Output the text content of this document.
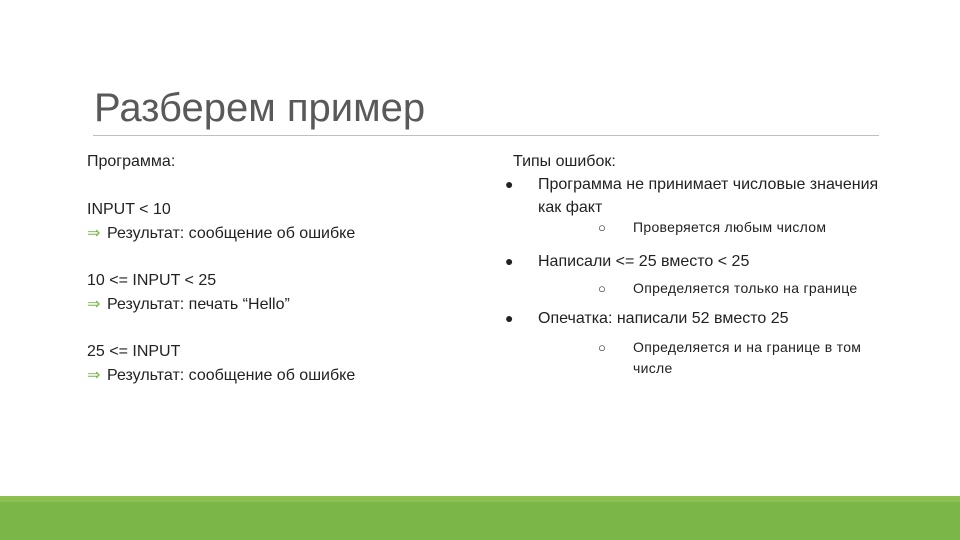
Разберем пример
Программа:
INPUT < 10
⇒ Результат: сообщение об ошибке
10 <= INPUT < 25
⇒ Результат: печать “Hello”
25 <= INPUT
⇒ Результат: сообщение об ошибке
Типы ошибок:
● Программа не принимает числовые значения как факт
○ Проверяется любым числом
● Написали <= 25 вместо < 25
○ Определяется только на границе
● Опечатка: написали 52 вместо 25
○ Определяется и на границе в том числе
